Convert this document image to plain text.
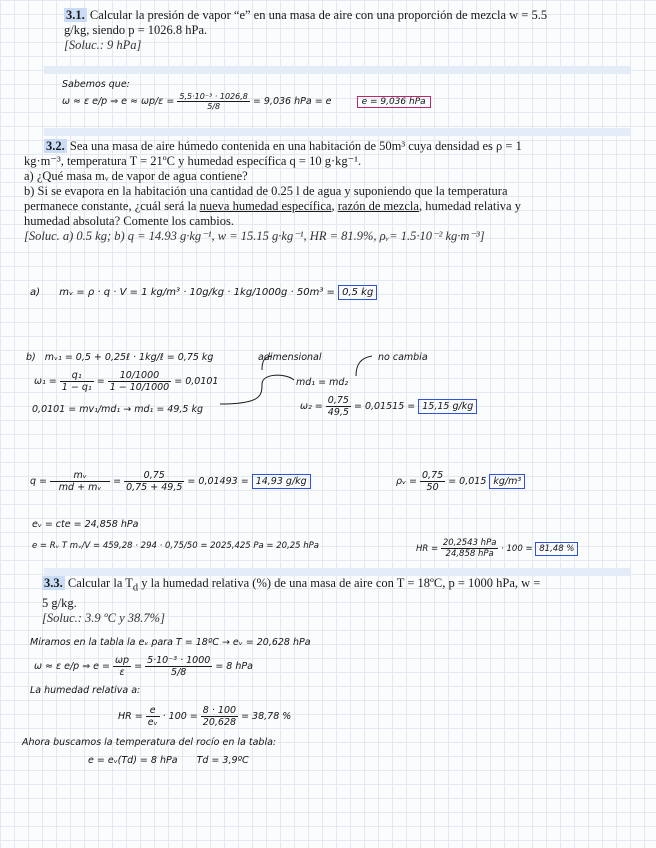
3.1. Calcular la presión de vapor “e” en una masa de aire con una proporción de mezcla w = 5.5
g/kg, siendo p = 1026.8 hPa.
[Soluc.: 9 hPa]
Sabemos que:
ω ≈ ε e/p ⇒ $e \approx \omega p/\varepsilon = \frac{\text{5,5·10⁻³ · 1026,8}}{5/8} = 9,036$ hPa = e	e = 9,036 hPa
3.2. Sea una masa de aire húmedo contenida en una habitación de 50m³ cuya densidad es ρ = 1
kg·m⁻³, temperatura T = 21ºC y humedad específica q = 10 g·kg⁻¹.
a) ¿Qué masa mᵥ de vapor de agua contiene?
b) Si se evapora en la habitación una cantidad de 0.25 l de agua y suponiendo que la temperatura
permanece constante, ¿cuál será la nueva humedad específica, razón de mezcla, humedad relativa y
humedad absoluta? Comente los cambios.
[Soluc. a) 0.5 kg; b) q = 14.93 g·kg⁻¹, w = 15.15 g·kg⁻¹, HR = 81.9%, ρᵥ= 1.5·10⁻² kg·m⁻³]
a) mᵥ = ρ · q · V = 1 kg/m³ · 10g/kg · 1kg/1000g · 50m³ = 0,5 kg
b) mᵥ₁ = 0,5 + 0,25ℓ · 1kg/ℓ = 0,75 kg
$\omega_1 = \frac{\text{q₁}}{\text{1 − q₁}} = \frac{10/1000}{1 - 10/1000} = 0,0101$
adimensional	no cambia
md₁ = md₂
$\omega_2 = \frac{0,75}{49,5} = 0,01515 = 15,15$ g/kg
0,0101 = mv₁/md₁ → md₁ = 49,5 kg
$q = \frac{\text{mᵥ}}{\text{md + mᵥ}} = \frac{0,75}{0,75 + 49,5} = 0,01493 = 14,93$ g/kg	ρᵥ = $\frac{0,75}{50} = 0,015$ kg/m³
eᵥ = cte = 24,858 hPa
e = Rᵥ T mᵥ/V = 459,28 · 294 · 0,75/50 = 2025,425 Pa = 20,25 hPa	HR = $\frac{\text{20,2543 hPa}}{\text{24,858 hPa}} \cdot 100 = 81,48$ %
3.3. Calcular la $T_d$ y la humedad relativa (%) de una masa de aire con T = 18ºC, p = 1000 hPa, w =
5 g/kg.
[Soluc.: 3.9 ºC y 38.7%]
Miramos en la tabla la eᵥ para T = 18ºC → eᵥ = 20,628 hPa
ω ≈ ε e/p ⇒ $e = \frac{\omega p}{\varepsilon} = \frac{\text{5·10⁻³ · 1000}}{5/8} = 8$ hPa
La humedad relativa a:
HR = $\frac{e}{\text{eᵥ}} \cdot 100 = \frac{8 \cdot 100}{20,628} = 38,78$ %
Ahora buscamos la temperatura del rocío en la tabla:
e = eᵥ(Td) = 8 hPa Td = 3,9ºC
